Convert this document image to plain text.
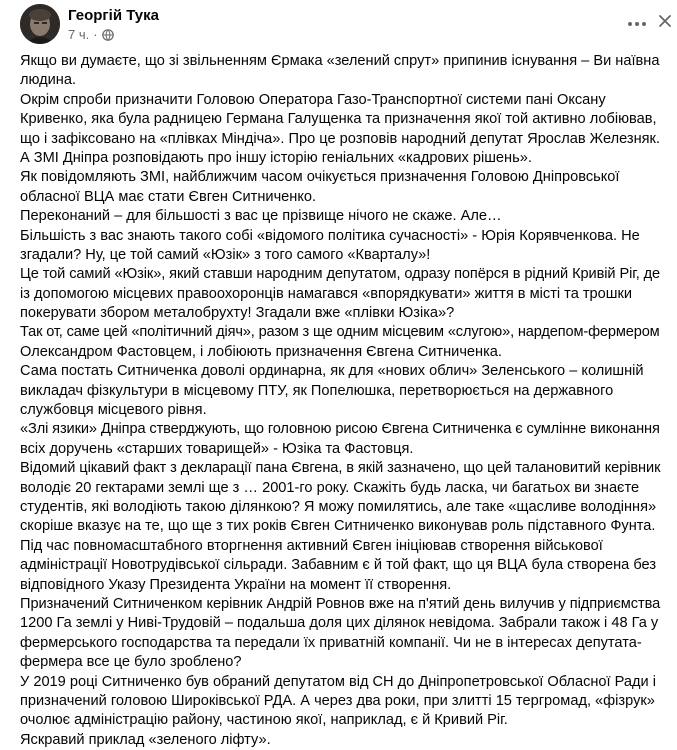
Георгій Тука
7 ч. ·
Якщо ви думаєте, що зі звільненням Єрмака «зелений спрут» припинив існування – Ви наївна
людина.
Окрім спроби призначити Головою Оператора Газо-Транспортної системи пані Оксану
Кривенко, яка була радницею Германа Галущенка та призначення якої той активно лобіював,
що і зафіксовано на «плівках Міндіча». Про це розповів народний депутат Ярослав Железняк.
А ЗМІ Дніпра розповідають про іншу історію геніальних «кадрових рішень».
Як повідомляють ЗМІ, найближчим часом очікується призначення Головою Дніпровської
обласної ВЦА має стати Євген Ситниченко.
Переконаний – для більшості з вас це прізвище нічого не скаже. Але…
Більшість з вас знають такого собі «відомого політика сучасності» - Юрія Корявченкова. Не
згадали? Ну, це той самий «Юзік» з того самого «Кварталу»!
Це той самий «Юзік», який ставши народним депутатом, одразу попёрся в рідний Кривій Ріг, де
із допомогою місцевих правоохоронців намагався «впорядкувати» життя в місті та трошки
покерувати збором металобрухту! Згадали вже «плівки Юзіка»?
Так от, саме цей «політичний діяч», разом з ще одним місцевим «слугою», нардепом-фермером
Олександром Фастовцем, і лобіюють призначення Євгена Ситниченка.
Сама постать Ситниченка доволі ординарна, як для «нових облич» Зеленського – колишній
викладач фізкультури в місцевому ПТУ, як Попелюшка, перетворюється на державного
службовця місцевого рівня.
«Злі язики» Дніпра стверджують, що головною рисою Євгена Ситниченка є сумлінне виконання
всіх доручень «старших товарищей» - Юзіка та Фастовця.
Відомий цікавий факт з декларації пана Євгена, в якій зазначено, що цей талановитий керівник
володіє 20 гектарами землі ще з … 2001-го року. Скажіть будь ласка, чи багатьох ви знаєте
студентів, які володіють такою ділянкою? Я можу помилятись, але таке «щасливе володіння»
скоріше вказує на те, що ще з тих років Євген Ситниченко виконував роль підставного Фунта.
Під час повномасштабного вторгнення активний Євген ініціював створення військової
адміністрації Новотрудівської сільради. Забавним є й той факт, що ця ВЦА була створена без
відповідного Указу Президента України на момент її створення.
Призначений Ситниченком керівник Андрій Ровнов вже на п'ятий день вилучив у підприємства
1200 Га землі у Ниві-Трудовій – подальша доля цих ділянок невідома. Забрали також і 48 Га у
фермерського господарства та передали їх приватній компанії. Чи не в інтересах депутата-
фермера все це було зроблено?
У 2019 році Ситниченко був обраний депутатом від СН до Дніпропетровської Обласної Ради і
призначений головою Широківської РДА. А через два роки, при злитті 15 тергромад, «фізрук»
очолює адміністрацію району, частиною якої, наприклад, є й Кривий Ріг.
Яскравий приклад «зеленого ліфту».
